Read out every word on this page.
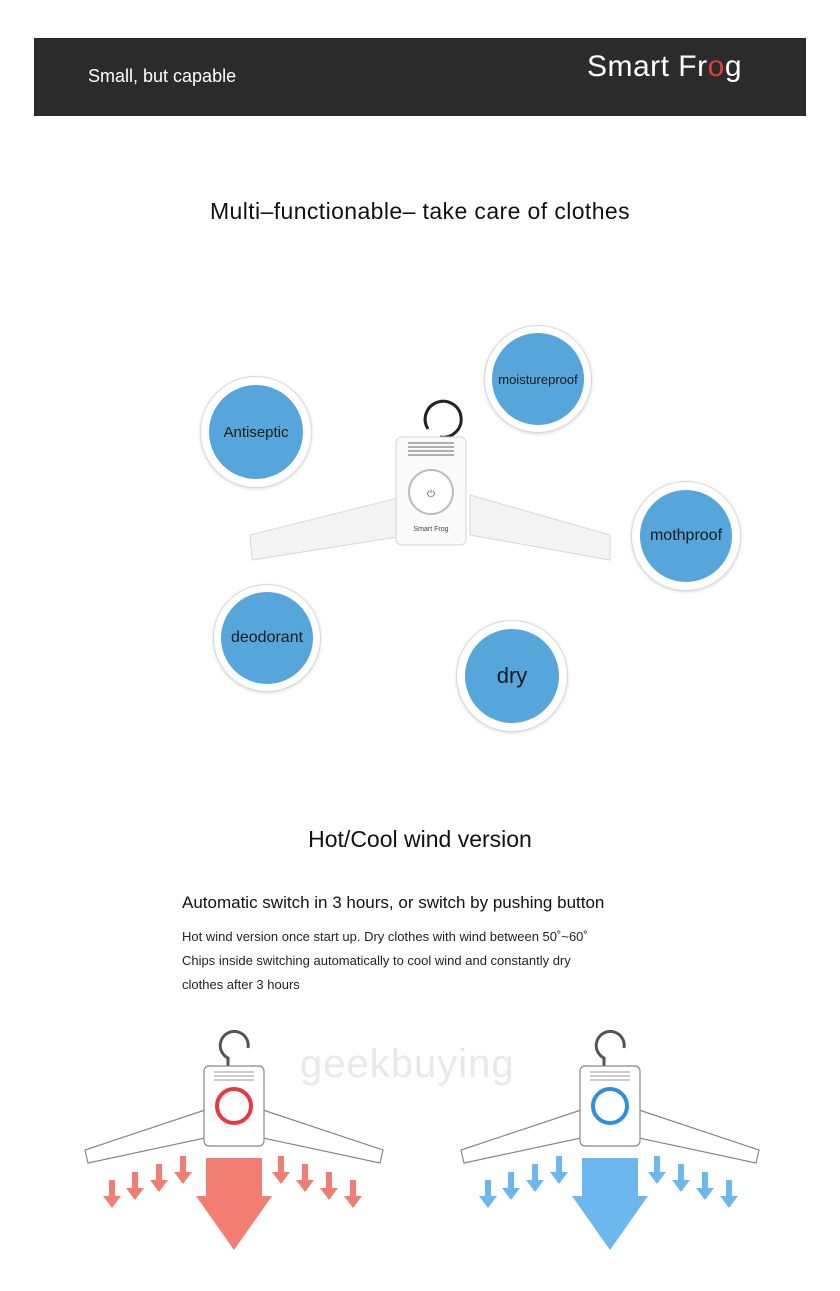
Small, but capable	Smart Frog
Multi–functionable– take care of clothes
⏻
Smart Frog
Antiseptic
moistureproof
mothproof
deodorant
dry
Hot/Cool wind version
Automatic switch in 3 hours, or switch by pushing button
Hot wind version once start up. Dry clothes with wind between 50˚~60˚
Chips inside switching automatically to cool wind and constantly dry
clothes after 3 hours
geekbuying
